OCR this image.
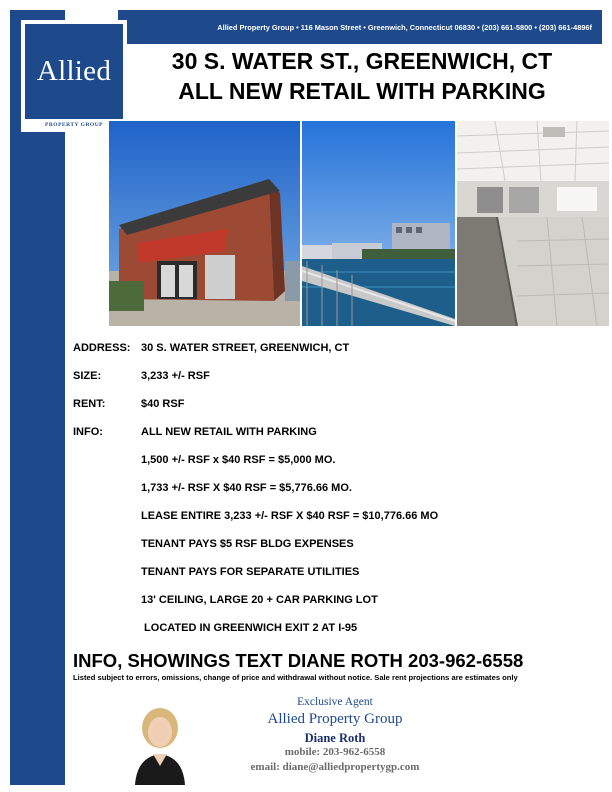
Allied Property Group • 116 Mason Street • Greenwich, Connecticut 06830 • (203) 661-5800 • (203) 661-4896f
Allied
PROPERTY GROUP
30 S. WATER ST., GREENWICH, CT
ALL NEW RETAIL WITH PARKING
ADDRESS: 30 S. WATER STREET, GREENWICH, CT
SIZE:	3,233 +/- RSF
RENT:	$40 RSF
INFO:	ALL NEW RETAIL WITH PARKING
1,500 +/- RSF x $40 RSF = $5,000 MO.
1,733 +/- RSF X $40 RSF = $5,776.66 MO.
LEASE ENTIRE 3,233 +/- RSF X $40 RSF = $10,776.66 MO
TENANT PAYS $5 RSF BLDG EXPENSES
TENANT PAYS FOR SEPARATE UTILITIES
13' CEILING, LARGE 20 + CAR PARKING LOT
LOCATED IN GREENWICH EXIT 2 AT I-95
INFO, SHOWINGS TEXT DIANE ROTH 203-962-6558
Listed subject to errors, omissions, change of price and withdrawal without notice. Sale rent projections are estimates only
Exclusive Agent
Allied Property Group
Diane Roth
mobile: 203-962-6558
email: diane@alliedpropertygp.com
